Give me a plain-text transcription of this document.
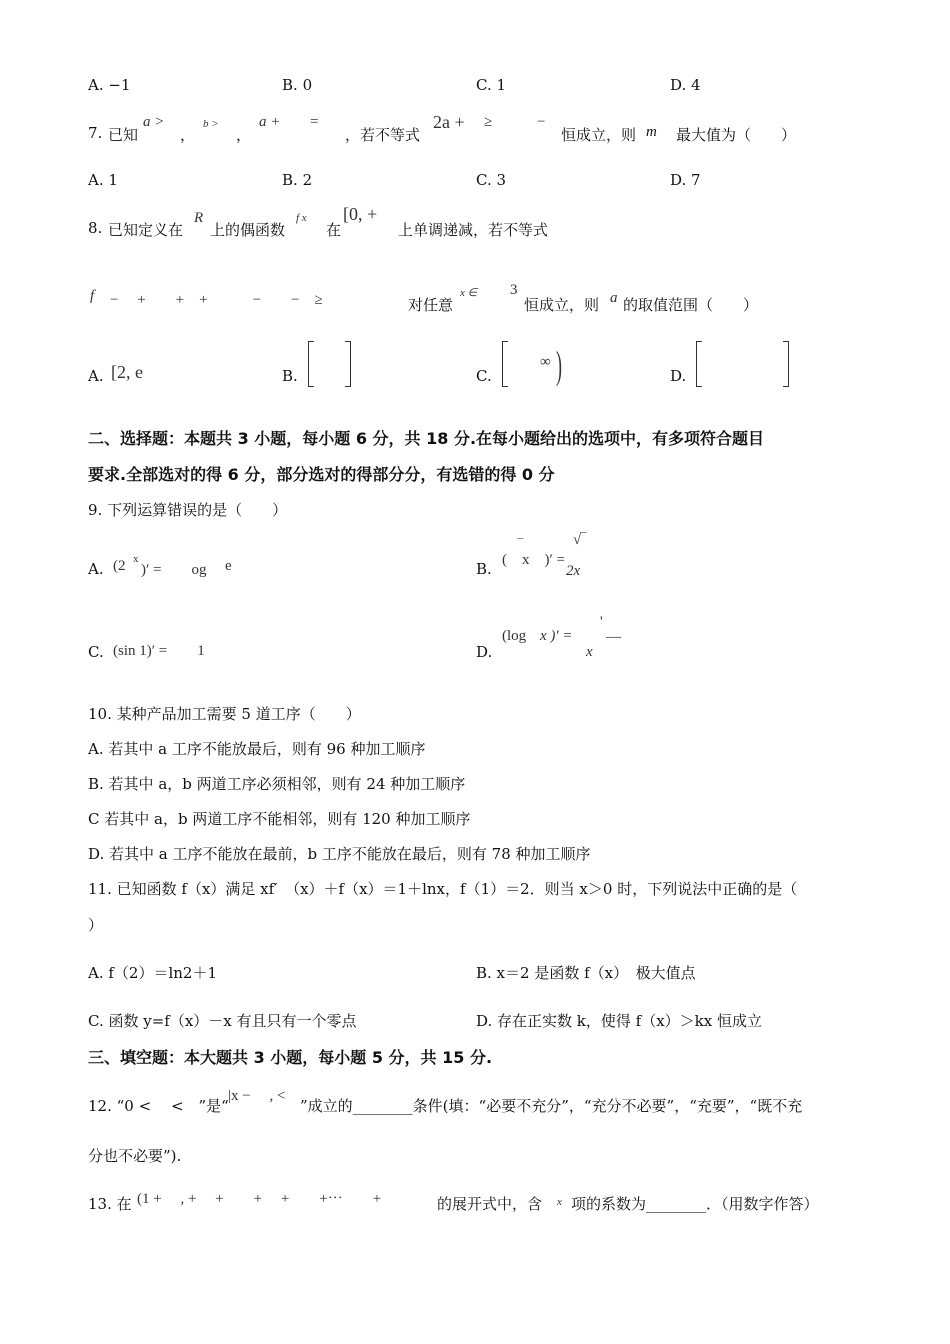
A. −1	B. 0	C. 1	D. 4
7. 已知
a >
，
b >
，
a + =
，若不等式
2a + ≥	−
恒成立，则 m 最大值为（　　）
A. 1	B. 2	C. 3	D. 7
8. 已知定义在
R
上的偶函数
f x
在
[0, +
上单调递减，若不等式
f −　 +　　+　+　　　−　　−　≥	对任意
x ∈ 3
恒成立，则 a 的取值范围（　　）
A. [2, e	B.	C.
∞ )	D.
二、选择题：本题共 3 小题，每小题 6 分，共 18 分.在每小题给出的选项中，有多项符合题目
要求.全部选对的得 6 分，部分选对的得部分分，有选错的得 0 分
9. 下列运算错误的是（　　）
A. (2 x
)′ =　　og e	B.
‾
(　x　)′ =
√‾
2x
C. (sin 1)′ =　　1	D.
(log x )′ =
'
—
x
10. 某种产品加工需要 5 道工序（　　）
A. 若其中 a 工序不能放最后，则有 96 种加工顺序
B. 若其中 a，b 两道工序必须相邻，则有 24 种加工顺序
C 若其中 a，b 两道工序不能相邻，则有 120 种加工顺序
D. 若其中 a 工序不能放在最前，b 工序不能放在最后，则有 78 种加工顺序
11. 已知函数 f（x）满足 xf′　（x）＋f（x）＝1＋lnx，f（1）＝2．则当 x＞0 时，下列说法中正确的是（
）
A. f（2）＝ln2＋1	B. x＝2 是函数 f（x）　极大值点
C. 函数 y=f（x）－x 有且只有一个零点	D. 存在正实数 k，使得 f（x）＞kx 恒成立
三、填空题：本大题共 3 小题，每小题 5 分，共 15 分.
12. “0 <　 <　”是“
|x −　 , <
”成立的________条件(填：“必要不充分”，“充分不必要”，“充要”，“既不充
分也不必要”).
13. 在 (1 +　 , +　 +　　+　 +　　+⋯　　+	的展开式中，含 x 项的系数为________．（用数字作答）
